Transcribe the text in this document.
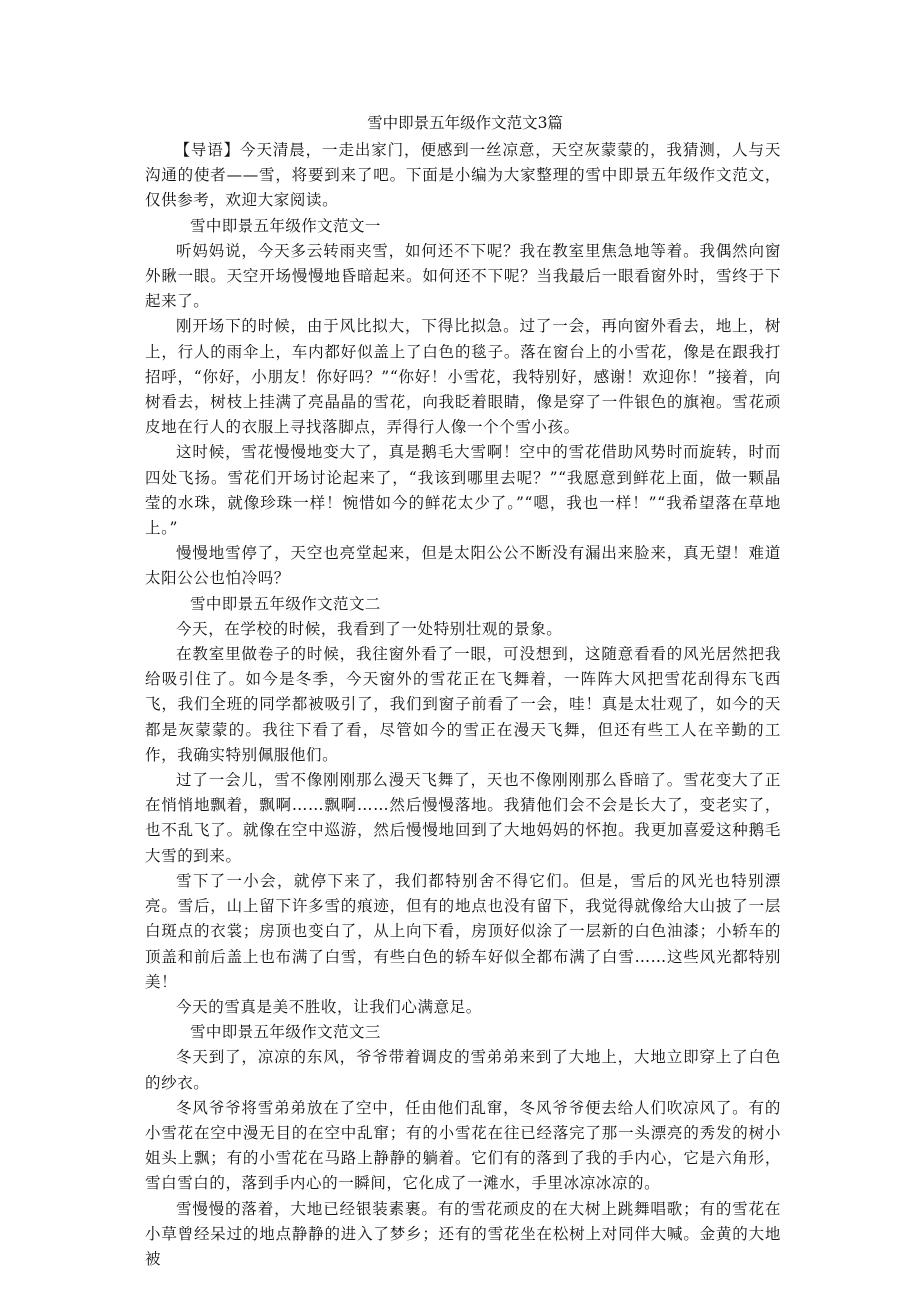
雪中即景五年级作文范文3篇

【导语】今天清晨，一走出家门，便感到一丝凉意，天空灰蒙蒙的，我猜测，人与天沟通的使者——雪，将要到来了吧。下面是小编为大家整理的雪中即景五年级作文范文，仅供参考，欢迎大家阅读。

雪中即景五年级作文范文一

听妈妈说，今天多云转雨夹雪，如何还不下呢？我在教室里焦急地等着。我偶然向窗外瞅一眼。天空开场慢慢地昏暗起来。如何还不下呢？当我最后一眼看窗外时，雪终于下起来了。

刚开场下的时候，由于风比拟大，下得比拟急。过了一会，再向窗外看去，地上，树上，行人的雨伞上，车内都好似盖上了白色的毯子。落在窗台上的小雪花，像是在跟我打招呼，“你好，小朋友！你好吗？”“你好！小雪花，我特别好，感谢！欢迎你！”接着，向树看去，树枝上挂满了亮晶晶的雪花，向我眨着眼睛，像是穿了一件银色的旗袍。雪花顽皮地在行人的衣服上寻找落脚点，弄得行人像一个个雪小孩。

这时候，雪花慢慢地变大了，真是鹅毛大雪啊！空中的雪花借助风势时而旋转，时而四处飞扬。雪花们开场讨论起来了，“我该到哪里去呢？”“我愿意到鲜花上面，做一颗晶莹的水珠，就像珍珠一样！惋惜如今的鲜花太少了。”“嗯，我也一样！”“我希望落在草地上。”

慢慢地雪停了，天空也亮堂起来，但是太阳公公不断没有漏出来脸来，真无望！难道太阳公公也怕冷吗？

雪中即景五年级作文范文二

今天，在学校的时候，我看到了一处特别壮观的景象。

在教室里做卷子的时候，我往窗外看了一眼，可没想到，这随意看看的风光居然把我给吸引住了。如今是冬季，今天窗外的雪花正在飞舞着，一阵阵大风把雪花刮得东飞西飞，我们全班的同学都被吸引了，我们到窗子前看了一会，哇！真是太壮观了，如今的天都是灰蒙蒙的。我往下看了看，尽管如今的雪正在漫天飞舞，但还有些工人在辛勤的工作，我确实特别佩服他们。

过了一会儿，雪不像刚刚那么漫天飞舞了，天也不像刚刚那么昏暗了。雪花变大了正在悄悄地飘着，飘啊……飘啊……然后慢慢落地。我猜他们会不会是长大了，变老实了，也不乱飞了。就像在空中巡游，然后慢慢地回到了大地妈妈的怀抱。我更加喜爱这种鹅毛大雪的到来。

雪下了一小会，就停下来了，我们都特别舍不得它们。但是，雪后的风光也特别漂亮。雪后，山上留下许多雪的痕迹，但有的地点也没有留下，我觉得就像给大山披了一层白斑点的衣裳；房顶也变白了，从上向下看，房顶好似涂了一层新的白色油漆；小轿车的顶盖和前后盖上也布满了白雪，有些白色的轿车好似全都布满了白雪……这些风光都特别美！

今天的雪真是美不胜收，让我们心满意足。

雪中即景五年级作文范文三

冬天到了，凉凉的东风，爷爷带着调皮的雪弟弟来到了大地上，大地立即穿上了白色的纱衣。

冬风爷爷将雪弟弟放在了空中，任由他们乱窜，冬风爷爷便去给人们吹凉风了。有的小雪花在空中漫无目的在空中乱窜；有的小雪花在往已经落完了那一头漂亮的秀发的树小姐头上飘；有的小雪花在马路上静静的躺着。它们有的落到了我的手内心，它是六角形，雪白雪白的，落到手内心的一瞬间，它化成了一滩水，手里冰凉冰凉的。

雪慢慢的落着，大地已经银装素裹。有的雪花顽皮的在大树上跳舞唱歌；有的雪花在小草曾经呆过的地点静静的进入了梦乡；还有的雪花坐在松树上对同伴大喊。金黄的大地被
